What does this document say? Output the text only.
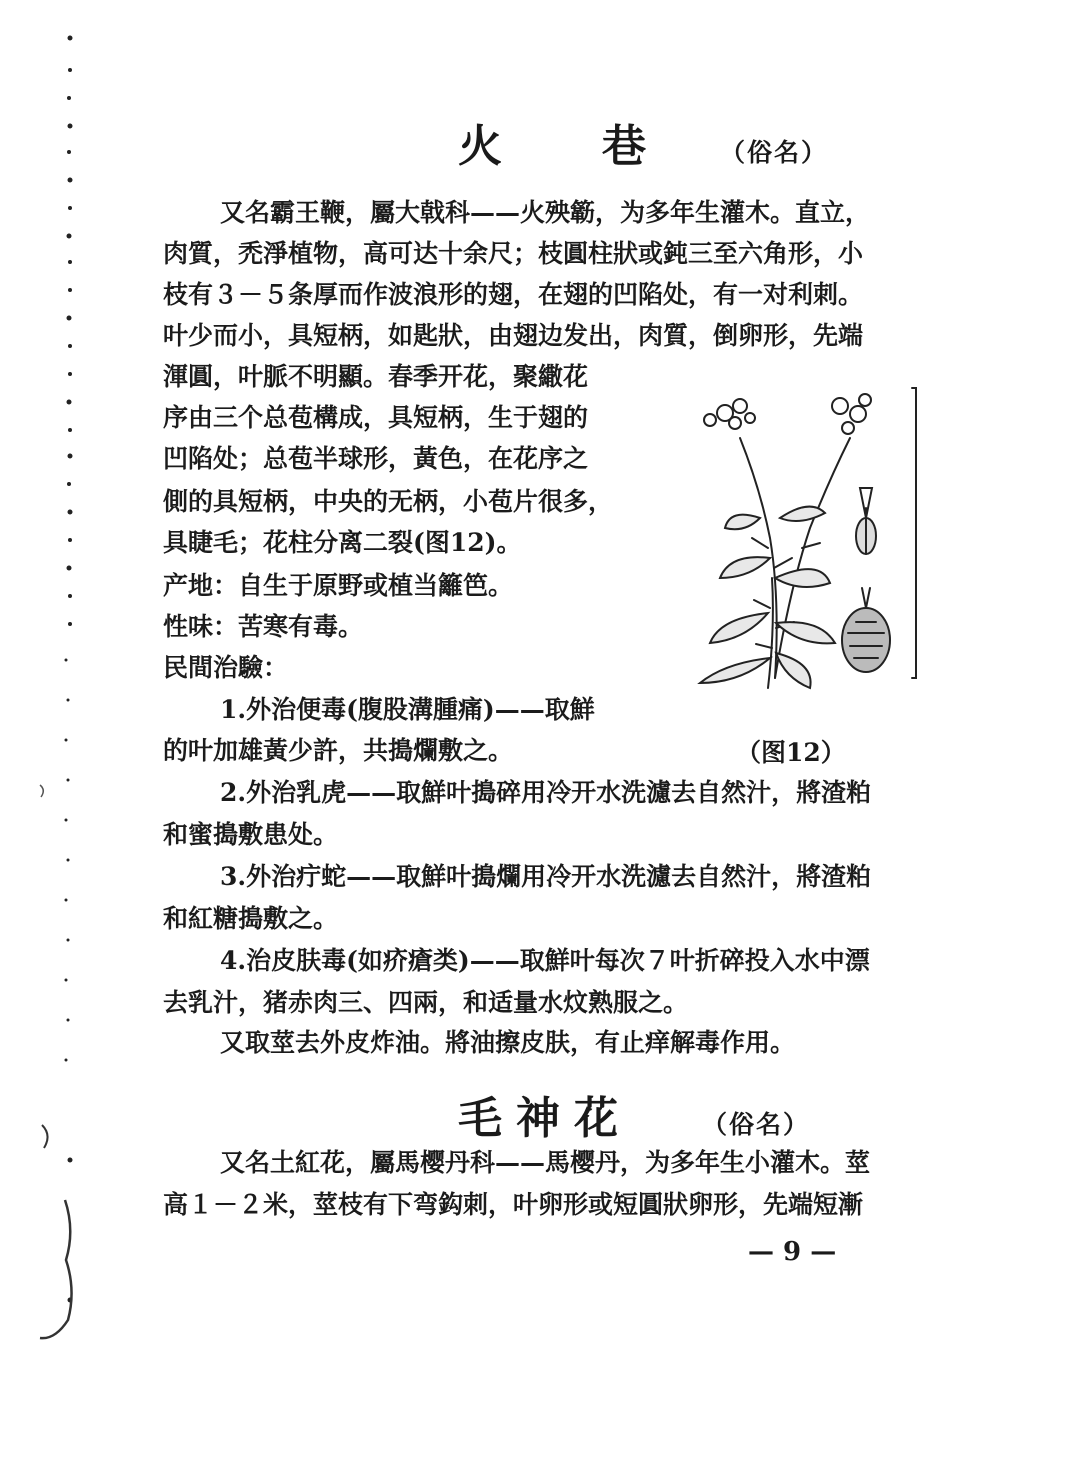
火　　巷	（俗名）
又名霸王鞭，屬大戟科——火殃簕，为多年生灌木。直立，
肉質，禿淨植物，高可达十余尺；枝圓柱狀或鈍三至六角形，小
枝有３－５条厚而作波浪形的翅，在翅的凹陷处，有一对利刺。
叶少而小，具短柄，如匙狀，由翅边发出，肉質，倒卵形，先端
渾圓，叶脈不明顯。春季开花，聚繖花
序由三个总苞構成，具短柄，生于翅的
凹陷处；总苞半球形，黃色，在花序之
側的具短柄，中央的无柄，小苞片很多，
具睫毛；花柱分离二裂(图12)。
产地：自生于原野或植当籬笆。
性味：苦寒有毒。
民間治驗：
1.外治便毒(腹股溝腫痛)——取鮮
的叶加雄黃少許，共搗爛敷之。
2.外治乳虎——取鮮叶搗碎用冷开水洗濾去自然汁，將渣粕
和蜜搗敷患处。
3.外治疔蛇——取鮮叶搗爛用冷开水洗濾去自然汁，將渣粕
和紅糖搗敷之。
4.治皮肤毒(如疥瘡类)——取鮮叶每次７叶折碎投入水中漂
去乳汁，猪赤肉三、四兩，和适量水炆熟服之。
又取莖去外皮炸油。將油擦皮肤，有止痒解毒作用。
（图12）
毛神花	（俗名）
又名土紅花，屬馬樱丹科——馬樱丹，为多年生小灌木。莖
高１－２米，莖枝有下弯鈎刺，叶卵形或短圓狀卵形，先端短漸
— 9 —
